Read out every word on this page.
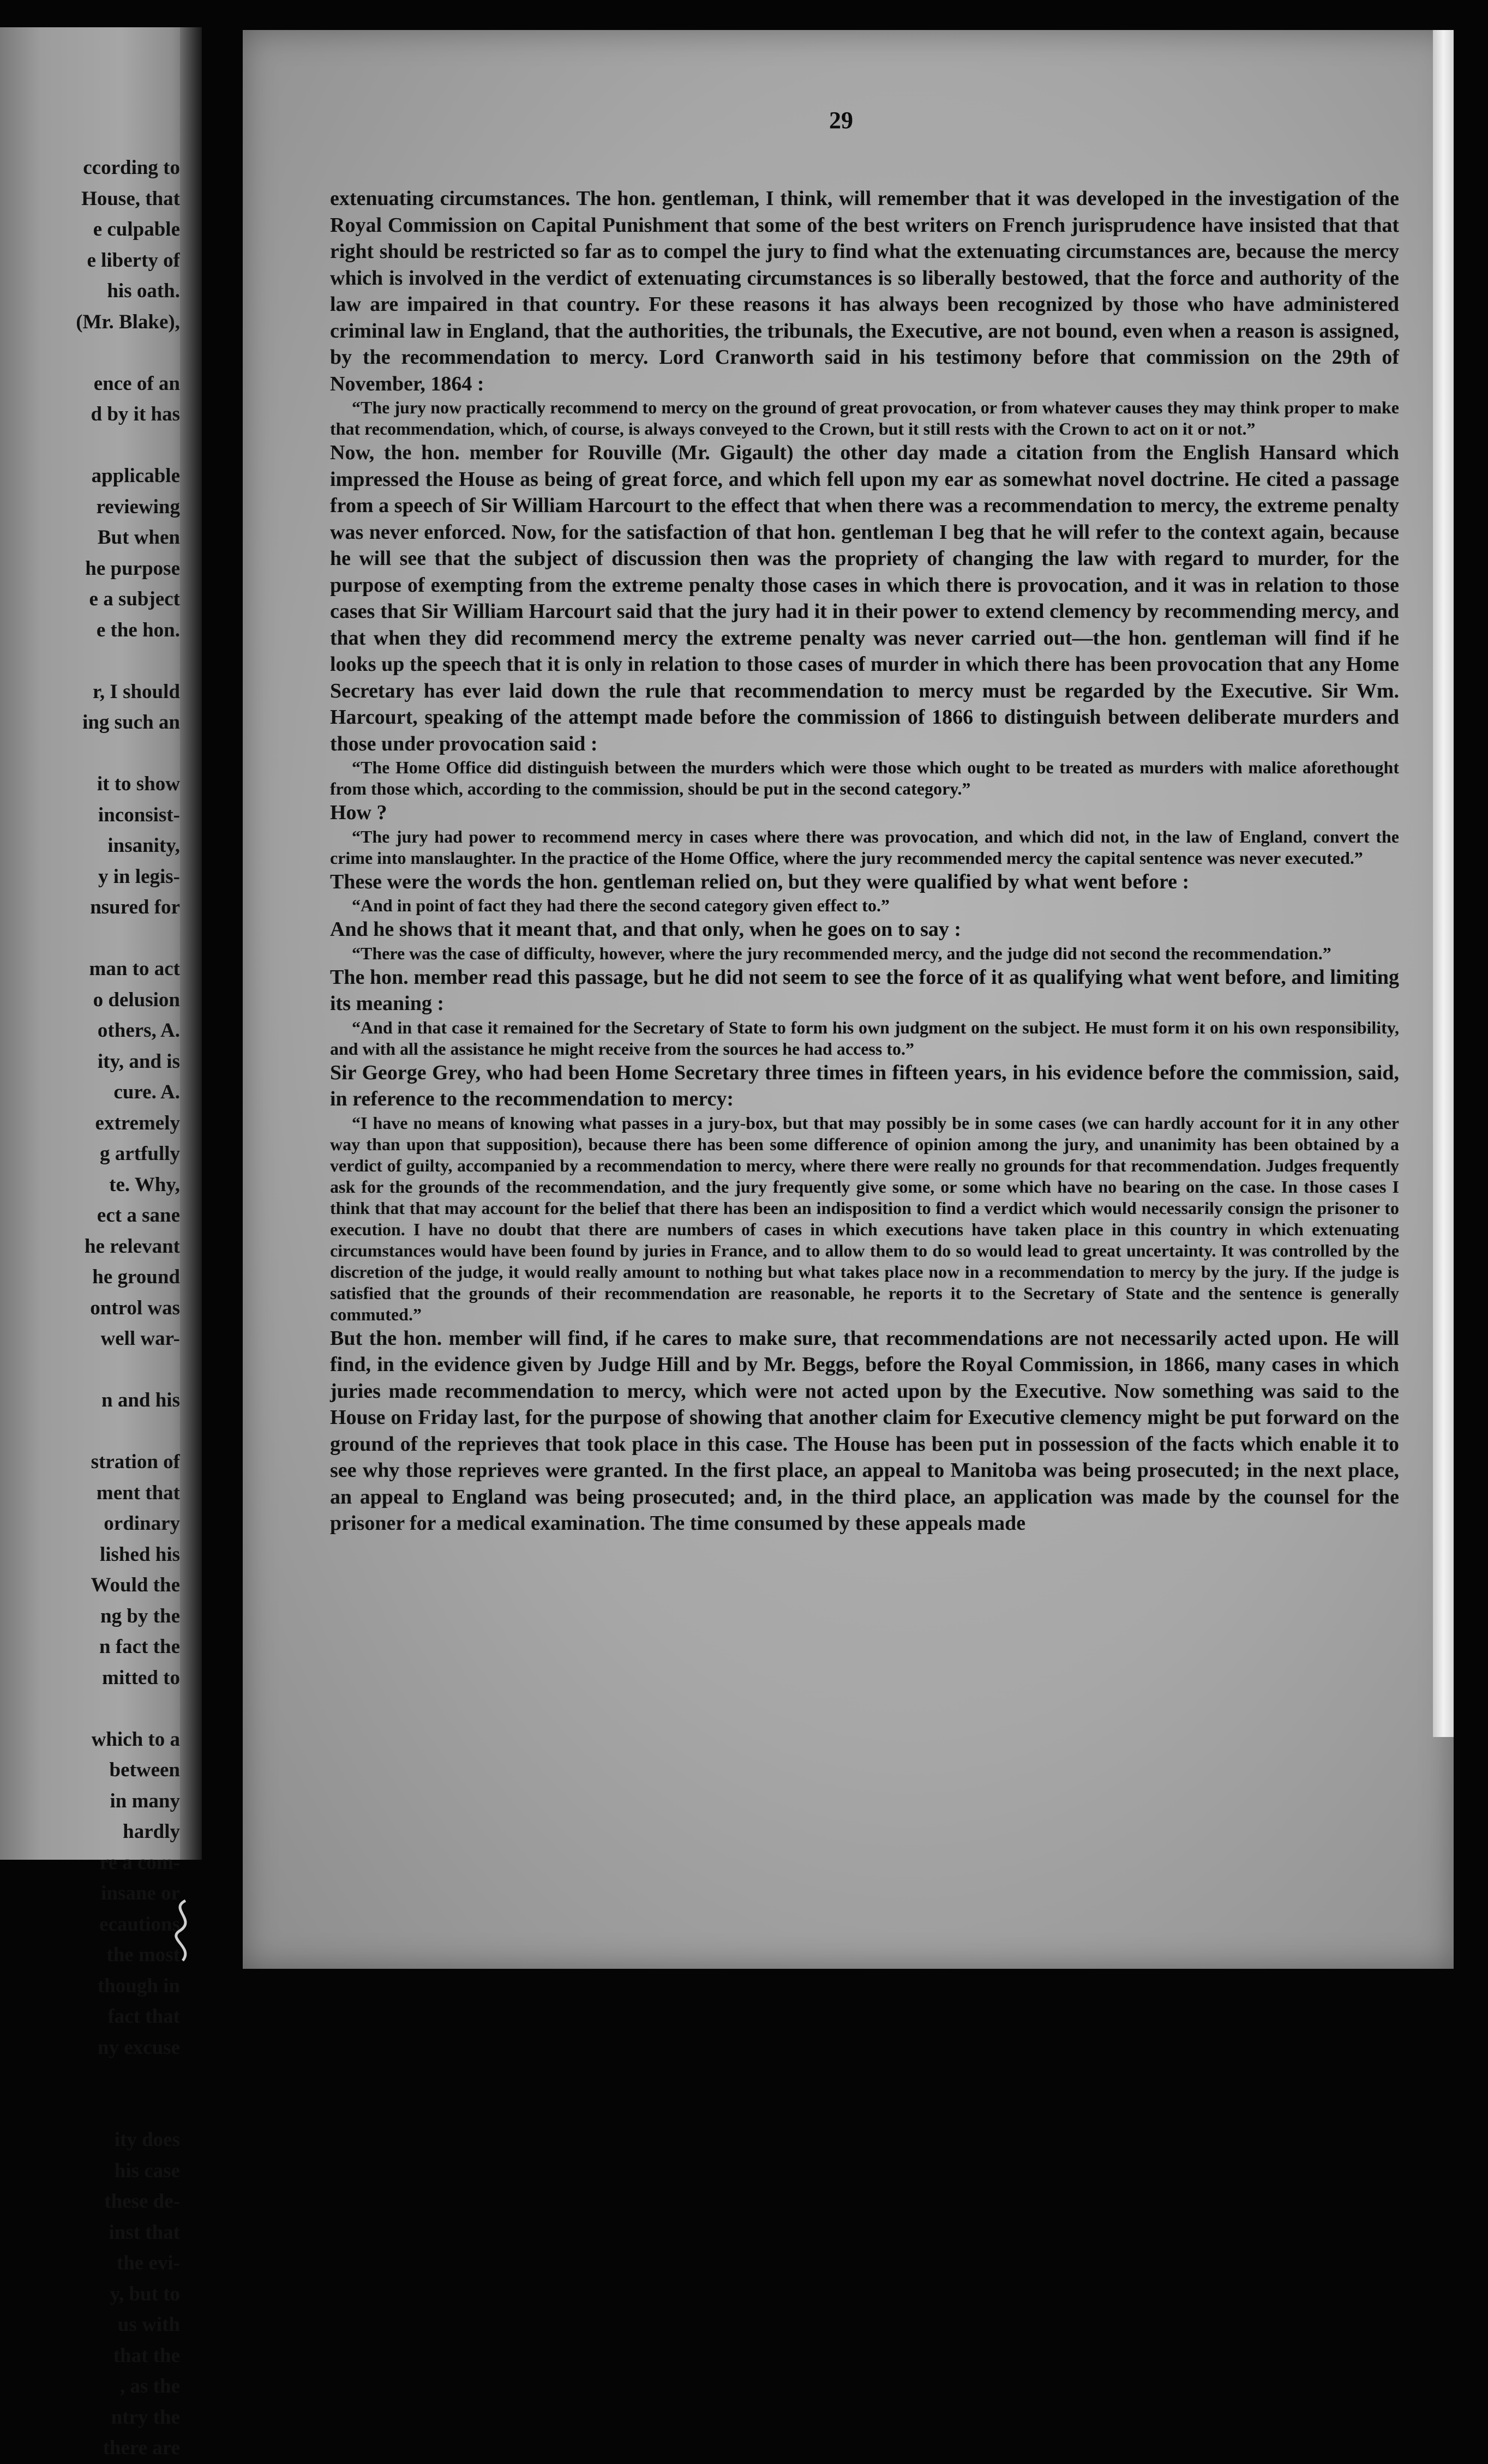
ccording to
House, that
e culpable
e liberty of
his oath.
(Mr. Blake),
ence of an
d by it has
applicable
reviewing
But when
he purpose
e a subject
e the hon.
r, I should
ing such an
it to show
inconsist-
insanity,
y in legis-
nsured for
man to act
o delusion
others, A.
ity, and is
cure. A.
extremely
g artfully
te. Why,
ect a sane
he relevant
he ground
ontrol was
well war-
n and his
stration of
ment that
ordinary
lished his
Would the
ng by the
n fact the
mitted to
which to a
between
in many
hardly
re a com-
insane or
ecautions
the most
though in
fact that
ny excuse
ity does
his case
these de-
inst that
the evi-
y, but to
us with
that the
, as the
ntry the
there are
29

extenuating circumstances. The hon. gentleman, I think, will remember that it was developed in the investigation of the Royal Commission on Capital Punishment that some of the best writers on French jurisprudence have insisted that that right should be restricted so far as to compel the jury to find what the extenuating circumstances are, because the mercy which is involved in the verdict of extenuating circumstances is so liberally bestowed, that the force and authority of the law are impaired in that country. For these reasons it has always been recognized by those who have administered criminal law in England, that the authorities, the tribunals, the Executive, are not bound, even when a reason is assigned, by the recommendation to mercy. Lord Cranworth said in his testimony before that commission on the 29th of November, 1864 :

“The jury now practically recommend to mercy on the ground of great provocation, or from whatever causes they may think proper to make that recommendation, which, of course, is always conveyed to the Crown, but it still rests with the Crown to act on it or not.”

Now, the hon. member for Rouville (Mr. Gigault) the other day made a citation from the English Hansard which impressed the House as being of great force, and which fell upon my ear as somewhat novel doctrine. He cited a passage from a speech of Sir William Harcourt to the effect that when there was a recommendation to mercy, the extreme penalty was never enforced. Now, for the satisfaction of that hon. gentleman I beg that he will refer to the context again, because he will see that the subject of discussion then was the propriety of changing the law with regard to murder, for the purpose of exempting from the extreme penalty those cases in which there is provocation, and it was in relation to those cases that Sir William Harcourt said that the jury had it in their power to extend clemency by recommending mercy, and that when they did recommend mercy the extreme penalty was never carried out—the hon. gentleman will find if he looks up the speech that it is only in relation to those cases of murder in which there has been provocation that any Home Secretary has ever laid down the rule that recommendation to mercy must be regarded by the Executive. Sir Wm. Harcourt, speaking of the attempt made before the commission of 1866 to distinguish between deliberate murders and those under provocation said :

“The Home Office did distinguish between the murders which were those which ought to be treated as murders with malice aforethought from those which, according to the commission, should be put in the second category.”

How ?

“The jury had power to recommend mercy in cases where there was provocation, and which did not, in the law of England, convert the crime into manslaughter. In the practice of the Home Office, where the jury recommended mercy the capital sentence was never executed.”

These were the words the hon. gentleman relied on, but they were qualified by what went before :

“And in point of fact they had there the second category given effect to.”

And he shows that it meant that, and that only, when he goes on to say :

“There was the case of difficulty, however, where the jury recommended mercy, and the judge did not second the recommendation.”

The hon. member read this passage, but he did not seem to see the force of it as qualifying what went before, and limiting its meaning :

“And in that case it remained for the Secretary of State to form his own judgment on the subject. He must form it on his own responsibility, and with all the assistance he might receive from the sources he had access to.”

Sir George Grey, who had been Home Secretary three times in fifteen years, in his evidence before the commission, said, in reference to the recommendation to mercy:

“I have no means of knowing what passes in a jury-box, but that may possibly be in some cases (we can hardly account for it in any other way than upon that supposition), because there has been some difference of opinion among the jury, and unanimity has been obtained by a verdict of guilty, accompanied by a recommendation to mercy, where there were really no grounds for that recommendation. Judges frequently ask for the grounds of the recommendation, and the jury frequently give some, or some which have no bearing on the case. In those cases I think that that may account for the belief that there has been an indisposition to find a verdict which would necessarily consign the prisoner to execution. I have no doubt that there are numbers of cases in which executions have taken place in this country in which extenuating circumstances would have been found by juries in France, and to allow them to do so would lead to great uncertainty. It was controlled by the discretion of the judge, it would really amount to nothing but what takes place now in a recommendation to mercy by the jury. If the judge is satisfied that the grounds of their recommendation are reasonable, he reports it to the Secretary of State and the sentence is generally commuted.”

But the hon. member will find, if he cares to make sure, that recommendations are not necessarily acted upon. He will find, in the evidence given by Judge Hill and by Mr. Beggs, before the Royal Commission, in 1866, many cases in which juries made recommendation to mercy, which were not acted upon by the Executive. Now something was said to the House on Friday last, for the purpose of showing that another claim for Executive clemency might be put forward on the ground of the reprieves that took place in this case. The House has been put in possession of the facts which enable it to see why those reprieves were granted. In the first place, an appeal to Manitoba was being prosecuted; in the next place, an appeal to England was being prosecuted; and, in the third place, an application was made by the counsel for the prisoner for a medical examination. The time consumed by these appeals made
